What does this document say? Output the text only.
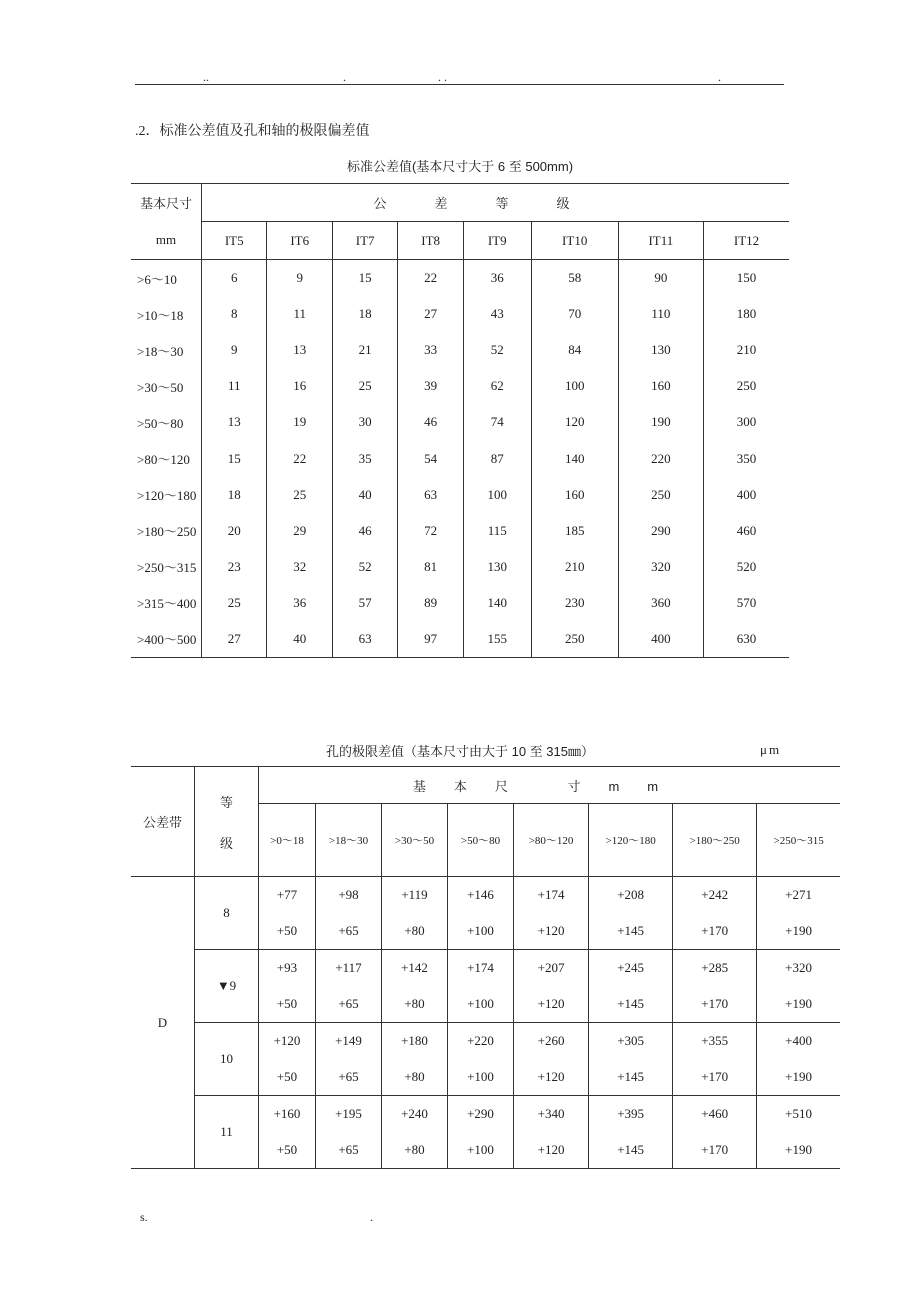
..	.	. .	.
.2．标准公差值及孔和轴的极限偏差值
标准公差值(基本尺寸大于 6 至 500mm)
基本尺寸	公差等级							
mm	IT5	IT6	IT7	IT8	IT9	IT10	IT11	IT12
>6～10	6	9	15	22	36	58	90	150
>10～18	8	11	18	27	43	70	110	180
>18～30	9	13	21	33	52	84	130	210
>30～50	11	16	25	39	62	100	160	250
>50～80	13	19	30	46	74	120	190	300
>80～120	15	22	35	54	87	140	220	350
>120～180	18	25	40	63	100	160	250	400
>180～250	20	29	46	72	115	185	290	460
>250～315	23	32	52	81	130	210	320	520
>315～400	25	36	57	89	140	230	360	570
>400～500	27	40	63	97	155	250	400	630
孔的极限差值（基本尺寸由大于 10 至 315㎜）	μm
公差带	等
级	基本尺 寸mm							
		>0～18	>18～30	>30～50	>50～80	>80～120	>120～180	>180～250	>250～315
D	8	+77	+98	+119	+146	+174	+208	+242	+271
		+50	+65	+80	+100	+120	+145	+170	+190
	▼9	+93	+117	+142	+174	+207	+245	+285	+320
		+50	+65	+80	+100	+120	+145	+170	+190
	10	+120	+149	+180	+220	+260	+305	+355	+400
		+50	+65	+80	+100	+120	+145	+170	+190
	11	+160	+195	+240	+290	+340	+395	+460	+510
		+50	+65	+80	+100	+120	+145	+170	+190
s.	.
